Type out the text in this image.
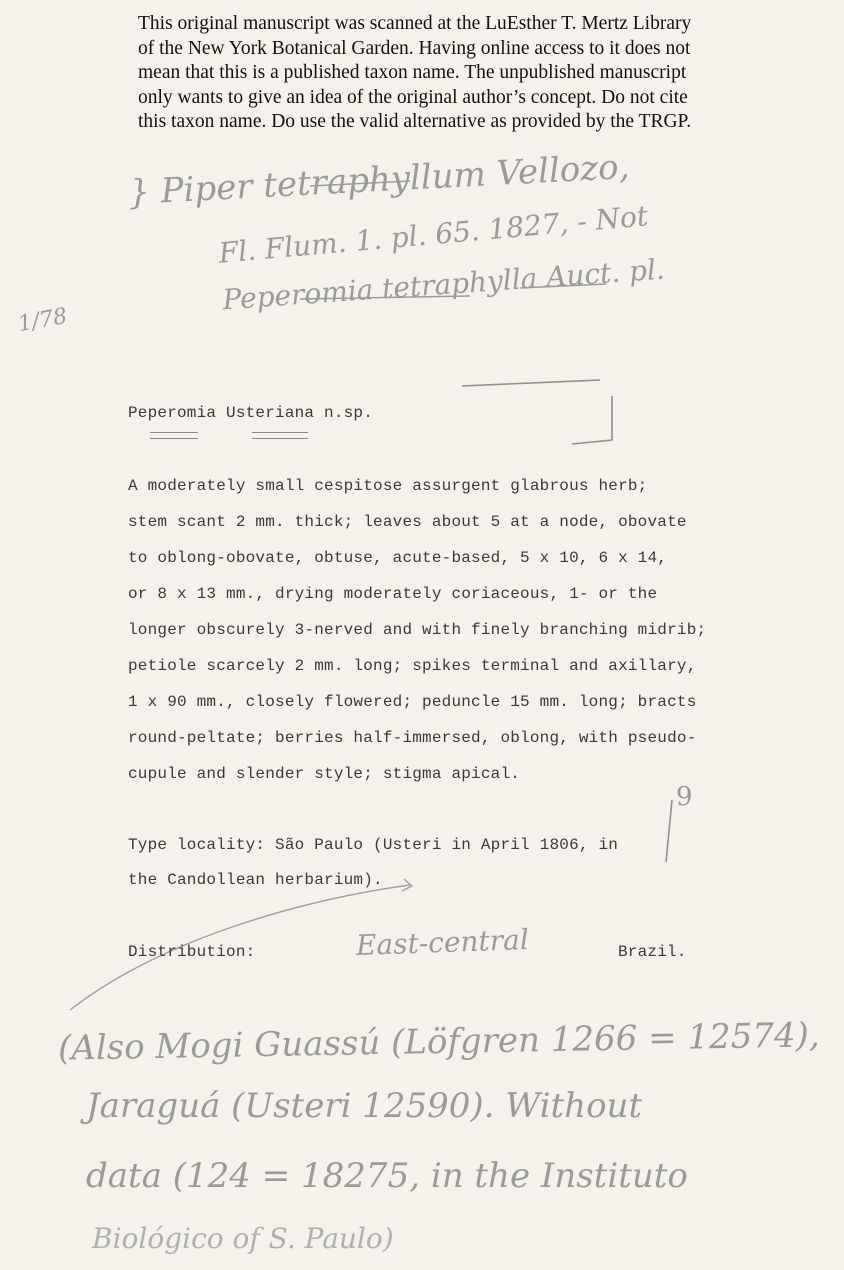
This original manuscript was scanned at the LuEsther T. Mertz Library
of the New York Botanical Garden. Having online access to it does not
mean that this is a published taxon name. The unpublished manuscript
only wants to give an idea of the original author’s concept. Do not cite
this taxon name. Do use the valid alternative as provided by the TRGP.
} Piper tetraphyllum Vellozo,
Fl. Flum. 1. pl. 65. 1827, - Not
Peperomia tetraphylla Auct. pl.
1/78
Peperomia Usteriana n.sp.
A moderately small cespitose assurgent glabrous herb;
stem scant 2 mm. thick; leaves about 5 at a node, obovate
to oblong-obovate, obtuse, acute-based, 5 x 10, 6 x 14,
or 8 x 13 mm., drying moderately coriaceous, 1- or the
longer obscurely 3-nerved and with finely branching midrib;
petiole scarcely 2 mm. long; spikes terminal and axillary,
1 x 90 mm., closely flowered; peduncle 15 mm. long; bracts
round-peltate; berries half-immersed, oblong, with pseudo-
cupule and slender style; stigma apical.
9
Type locality: São Paulo (Usteri in April 1806, in
the Candollean herbarium).
Distribution:	East-central	Brazil.
(Also Mogi Guassú (Löfgren 1266 = 12574),
Jaraguá (Usteri 12590). Without
data (124 = 18275, in the Instituto
Biológico of S. Paulo)
